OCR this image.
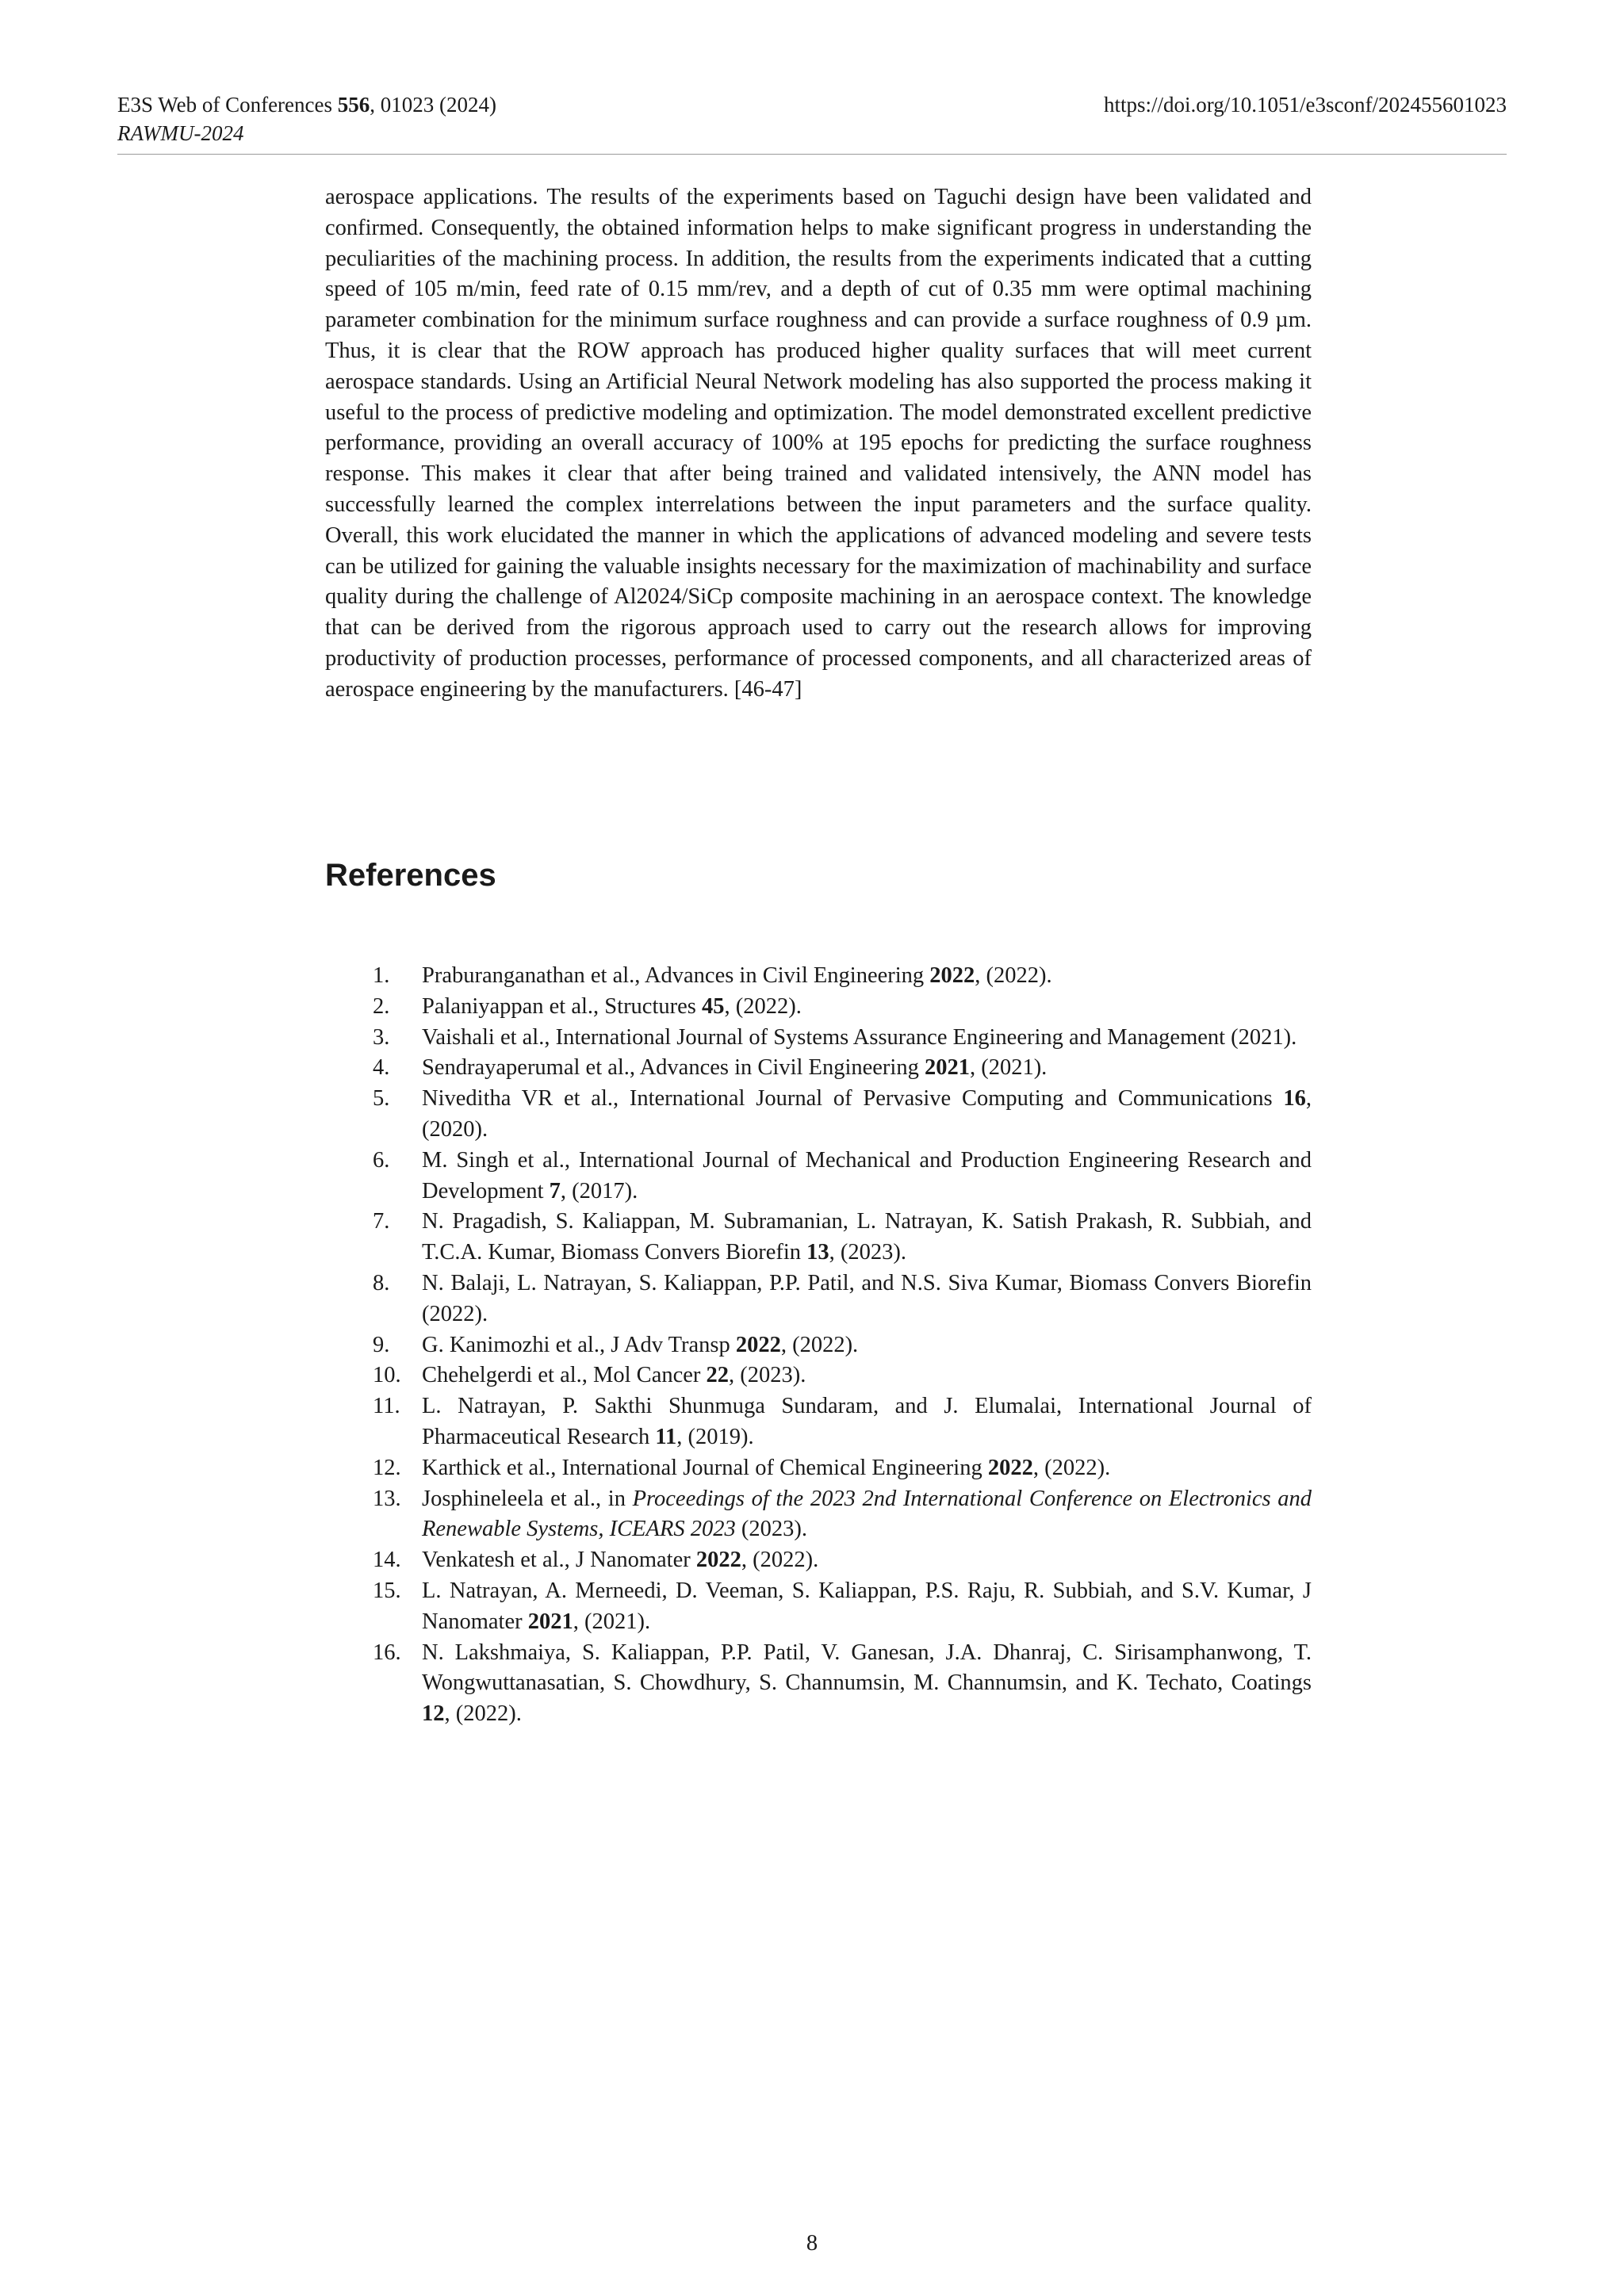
E3S Web of Conferences 556, 01023 (2024)
RAWMU-2024
https://doi.org/10.1051/e3sconf/202455601023

aerospace applications. The results of the experiments based on Taguchi design have been validated and confirmed. Consequently, the obtained information helps to make significant progress in understanding the peculiarities of the machining process. In addition, the results from the experiments indicated that a cutting speed of 105 m/min, feed rate of 0.15 mm/rev, and a depth of cut of 0.35 mm were optimal machining parameter combination for the minimum surface roughness and can provide a surface roughness of 0.9 µm. Thus, it is clear that the ROW approach has produced higher quality surfaces that will meet current aerospace standards. Using an Artificial Neural Network modeling has also supported the process making it useful to the process of predictive modeling and optimization. The model demonstrated excellent predictive performance, providing an overall accuracy of 100% at 195 epochs for predicting the surface roughness response. This makes it clear that after being trained and validated intensively, the ANN model has successfully learned the complex interrelations between the input parameters and the surface quality. Overall, this work elucidated the manner in which the applications of advanced modeling and severe tests can be utilized for gaining the valuable insights necessary for the maximization of machinability and surface quality during the challenge of Al2024/SiCp composite machining in an aerospace context. The knowledge that can be derived from the rigorous approach used to carry out the research allows for improving productivity of production processes, performance of processed components, and all characterized areas of aerospace engineering by the manufacturers. [46-47]

References
1. Praburanganathan et al., Advances in Civil Engineering 2022, (2022).
2. Palaniyappan et al., Structures 45, (2022).
3. Vaishali et al., International Journal of Systems Assurance Engineering and Management (2021).
4. Sendrayaperumal et al., Advances in Civil Engineering 2021, (2021).
5. Niveditha VR et al., International Journal of Pervasive Computing and Communications 16, (2020).
6. M. Singh et al., International Journal of Mechanical and Production Engineering Research and Development 7, (2017).
7. N. Pragadish, S. Kaliappan, M. Subramanian, L. Natrayan, K. Satish Prakash, R. Subbiah, and T.C.A. Kumar, Biomass Convers Biorefin 13, (2023).
8. N. Balaji, L. Natrayan, S. Kaliappan, P.P. Patil, and N.S. Siva Kumar, Biomass Convers Biorefin (2022).
9. G. Kanimozhi et al., J Adv Transp 2022, (2022).
10. Chehelgerdi et al., Mol Cancer 22, (2023).
11. L. Natrayan, P. Sakthi Shunmuga Sundaram, and J. Elumalai, International Journal of Pharmaceutical Research 11, (2019).
12. Karthick et al., International Journal of Chemical Engineering 2022, (2022).
13. Josphineleela et al., in Proceedings of the 2023 2nd International Conference on Electronics and Renewable Systems, ICEARS 2023 (2023).
14. Venkatesh et al., J Nanomater 2022, (2022).
15. L. Natrayan, A. Merneedi, D. Veeman, S. Kaliappan, P.S. Raju, R. Subbiah, and S.V. Kumar, J Nanomater 2021, (2021).
16. N. Lakshmaiya, S. Kaliappan, P.P. Patil, V. Ganesan, J.A. Dhanraj, C. Sirisamphanwong, T. Wongwuttanasatian, S. Chowdhury, S. Channumsin, M. Channumsin, and K. Techato, Coatings 12, (2022).
8
